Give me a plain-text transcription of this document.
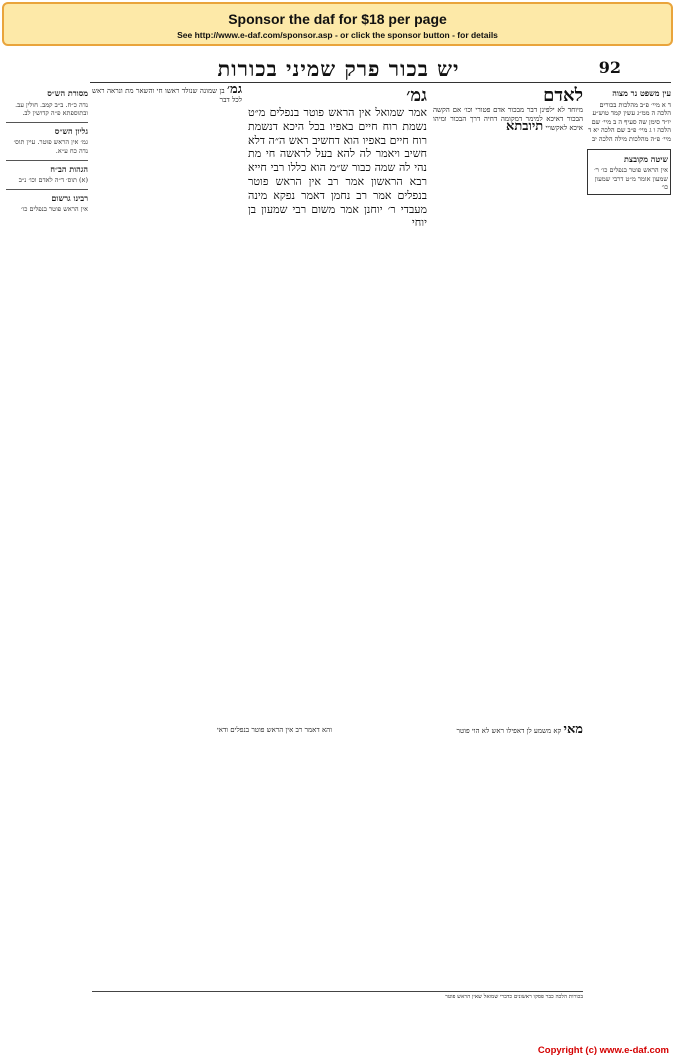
Sponsor the daf for $18 per page
See http://www.e-daf.com/sponsor.asp - or click the sponsor button - for details
92
יש בכור פרק שמיני בכורות
עין משפט נר מצוה
ד א מיי׳ פ״ב מהלכות בכורים הלכה ה ממ״ג עשין קמד טוש״ע יו״ד סימן שה סעיף ה ב מיי׳ שם הלכה ו ג מיי׳ פ״ב שם הלכה יא ד מיי׳ פ״ה מהלכות מילה הלכה יב
שיטה מקובצת
אין הראש פוטר בנפלים כו׳ ר׳ שמעון אומר מ״ט דרבי שמעון כו׳
מסורת הש״ס
נדה כ״ח. ב״ב קמב. חולין עב. ובתוספתא פ״ה קדושין לב.
גליון הש״ס
גמ׳ אין הראש פוטר. עיין תוס׳ נדה כח ע״א.
הגהות הב״ח
(א) תוס׳ ד״ה לאדם וכו׳ נ״ב
רבינו גרשום
אין הראש פוטר בנפלים כו׳
לאדם
מיוחד לא ילפינן דבר מבכור אדם פטורי וכו׳ אם הקשה הבכור דאיכא למימר דמקומה דחיה דרך הבכור ומיהו איכא לאקשויי תיובתא
גמ׳
אמר שמואל אין הראש פוטר בנפלים מ״ט נשמת רוח חיים באפיו בכל היכא דנשמת רוח חיים באפיו הוא דחשיב ראש ה״ה דלא חשיב ויאמר לה להא בעל לראשה חי מת נהי לה שמה כבור ש״מ הוא כללו רבי חייא רבא הראשון אמר רב אין הראש פוטר בנפלים אמר רב נחמן דאמר נפקא מינה מעבדי ר׳ יוחנן אמר משום רבי שמעון בן יוחי
גמ׳ בן שמונה שנולד ראשו חי והשאר מת ונראה ראש לכל דבר
מאי קא משמע לן דאפילו ראש לא הוי פוטר
והא דאמר רב אין הראש פוטר בנפלים ודאי
בכורות הלכה כבר פסקו ראשונים כדברי שמואל שאין הראש פוטר
Copyright (c) www.e-daf.com
